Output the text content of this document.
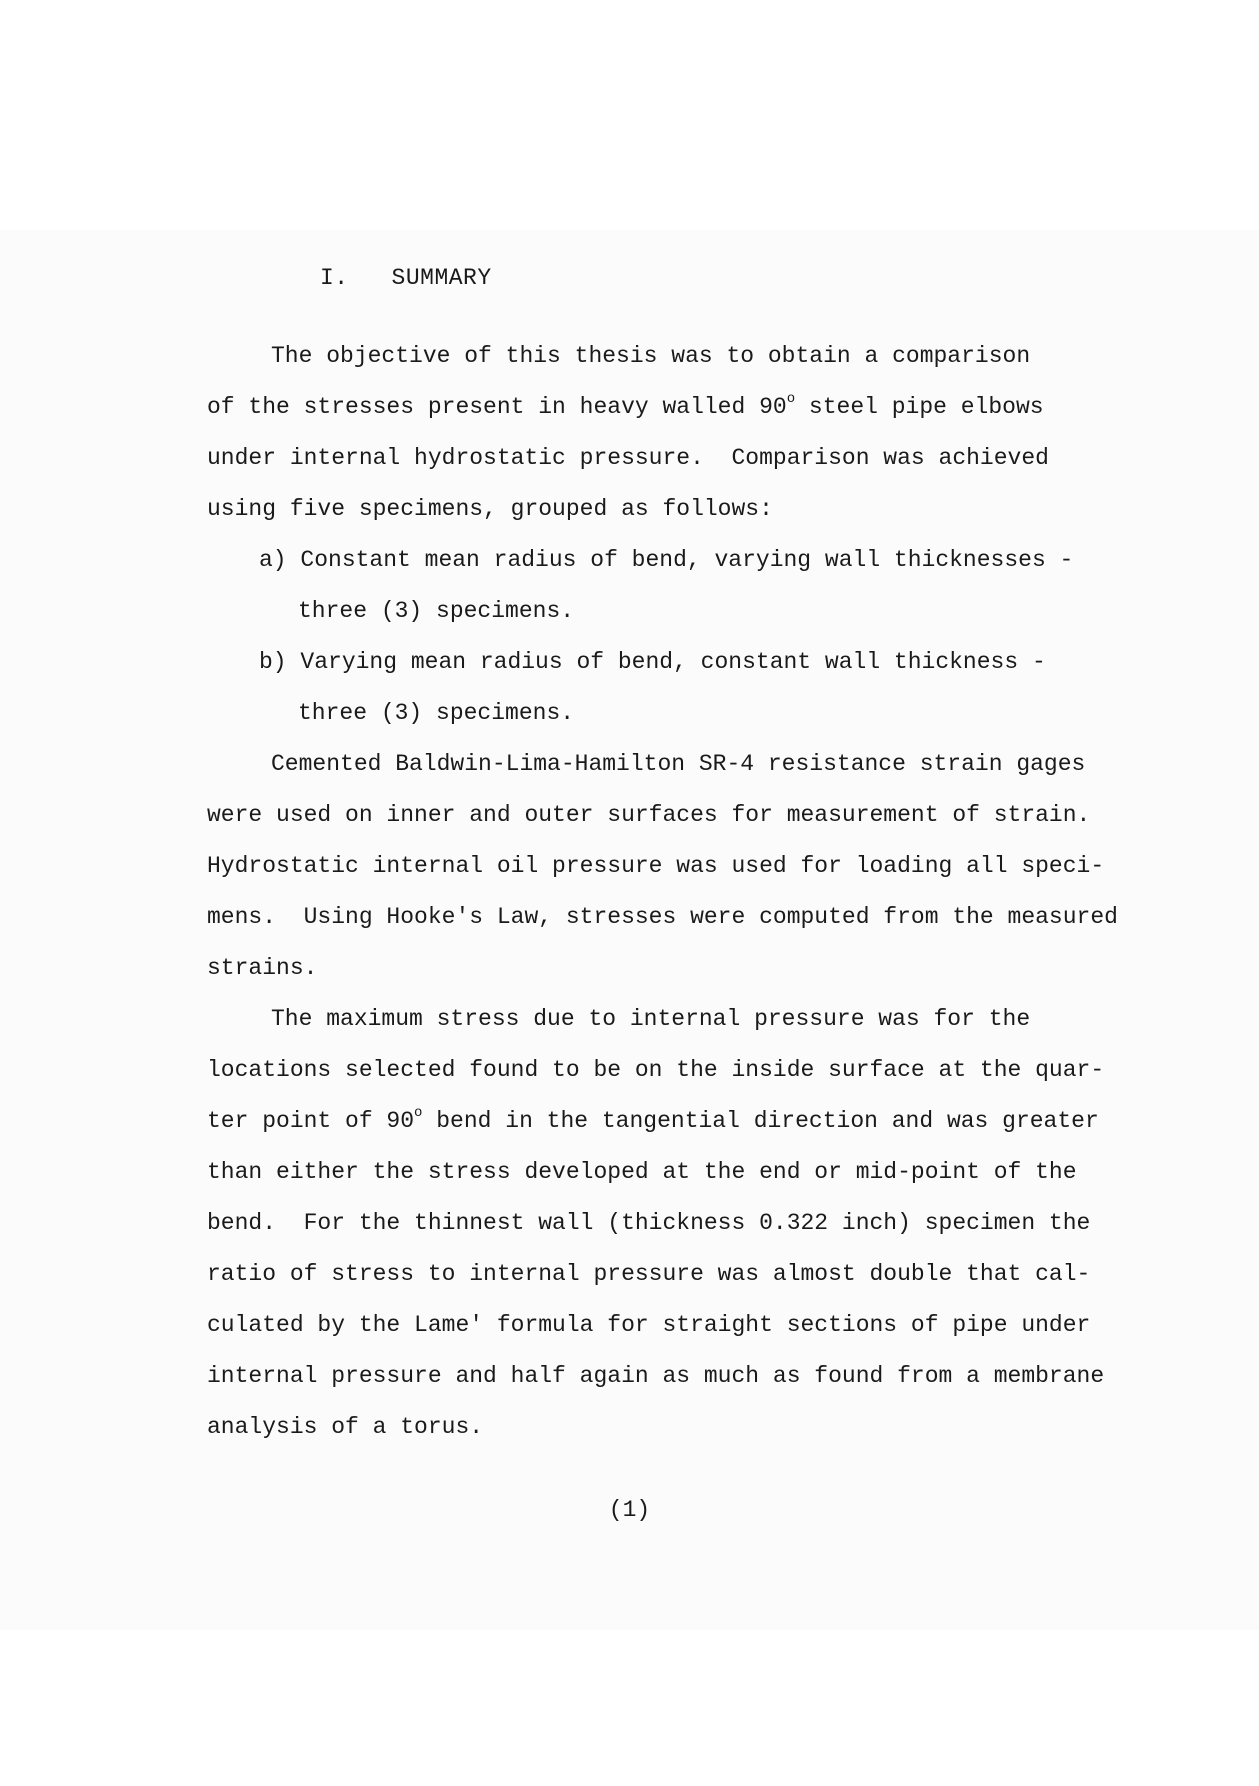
I. SUMMARY
The objective of this thesis was to obtain a comparison
of the stresses present in heavy walled 90$^o$ steel pipe elbows
under internal hydrostatic pressure.  Comparison was achieved
using five specimens, grouped as follows:
a) Constant mean radius of bend, varying wall thicknesses -
three (3) specimens.
b) Varying mean radius of bend, constant wall thickness -
three (3) specimens.
Cemented Baldwin-Lima-Hamilton SR-4 resistance strain gages
were used on inner and outer surfaces for measurement of strain.
Hydrostatic internal oil pressure was used for loading all speci-
mens.  Using Hooke's Law, stresses were computed from the measured
strains.
The maximum stress due to internal pressure was for the
locations selected found to be on the inside surface at the quar-
ter point of 90$^o$ bend in the tangential direction and was greater
than either the stress developed at the end or mid-point of the
bend.  For the thinnest wall (thickness 0.322 inch) specimen the
ratio of stress to internal pressure was almost double that cal-
culated by the Lame' formula for straight sections of pipe under
internal pressure and half again as much as found from a membrane
analysis of a torus.
(1)
